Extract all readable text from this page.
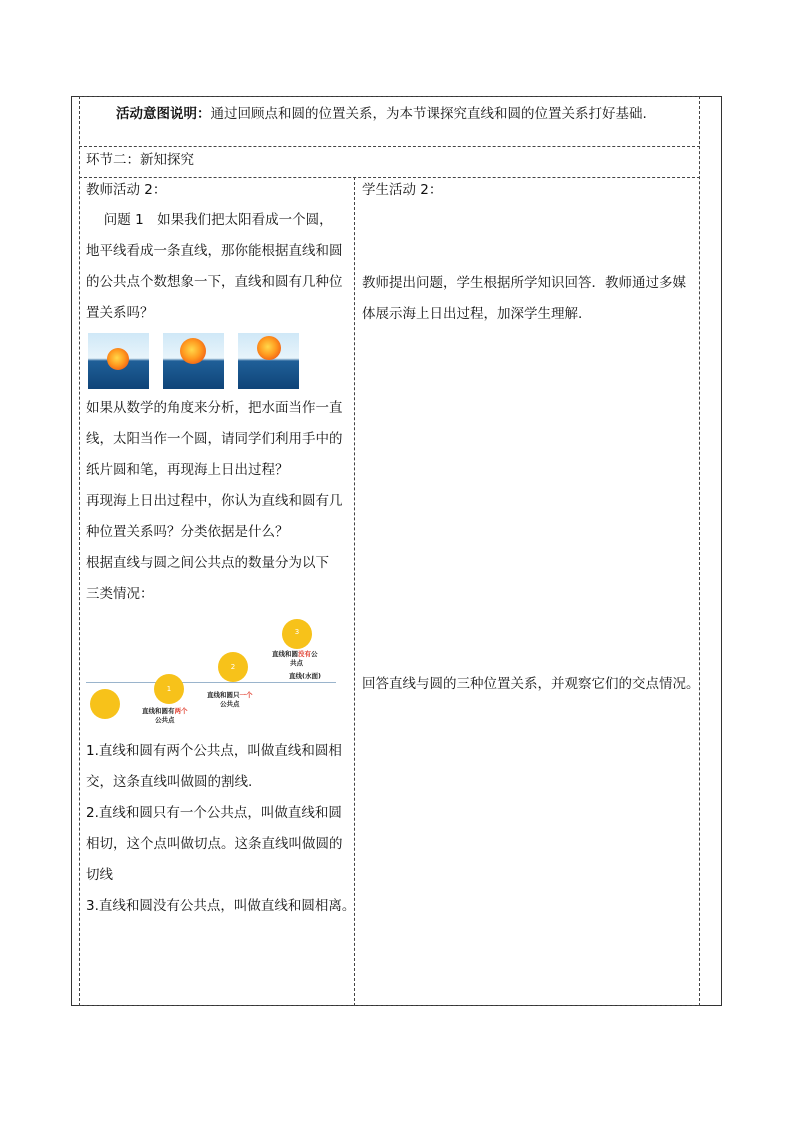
活动意图说明：通过回顾点和圆的位置关系，为本节课探究直线和圆的位置关系打好基础.
环节二：新知探究
教师活动 2：
　 问题 1　如果我们把太阳看成一个圆，
地平线看成一条直线，那你能根据直线和圆
的公共点个数想象一下，直线和圆有几种位
置关系吗？
如果从数学的角度来分析，把水面当作一直
线，太阳当作一个圆，请同学们利用手中的
纸片圆和笔，再现海上日出过程？
再现海上日出过程中，你认为直线和圆有几
种位置关系吗？分类依据是什么？
根据直线与圆之间公共点的数量分为以下
三类情况：
1
直线和圆有两个
公共点
2
直线和圆只一个
公共点
3
直线和圆没有公
共点
直线(水面)
1.直线和圆有两个公共点，叫做直线和圆相
交，这条直线叫做圆的割线.
2.直线和圆只有一个公共点，叫做直线和圆
相切，这个点叫做切点。这条直线叫做圆的
切线
3.直线和圆没有公共点，叫做直线和圆相离。
学生活动 2：
教师提出问题，学生根据所学知识回答．教师通过多媒
体展示海上日出过程，加深学生理解.
回答直线与圆的三种位置关系，并观察它们的交点情况。
